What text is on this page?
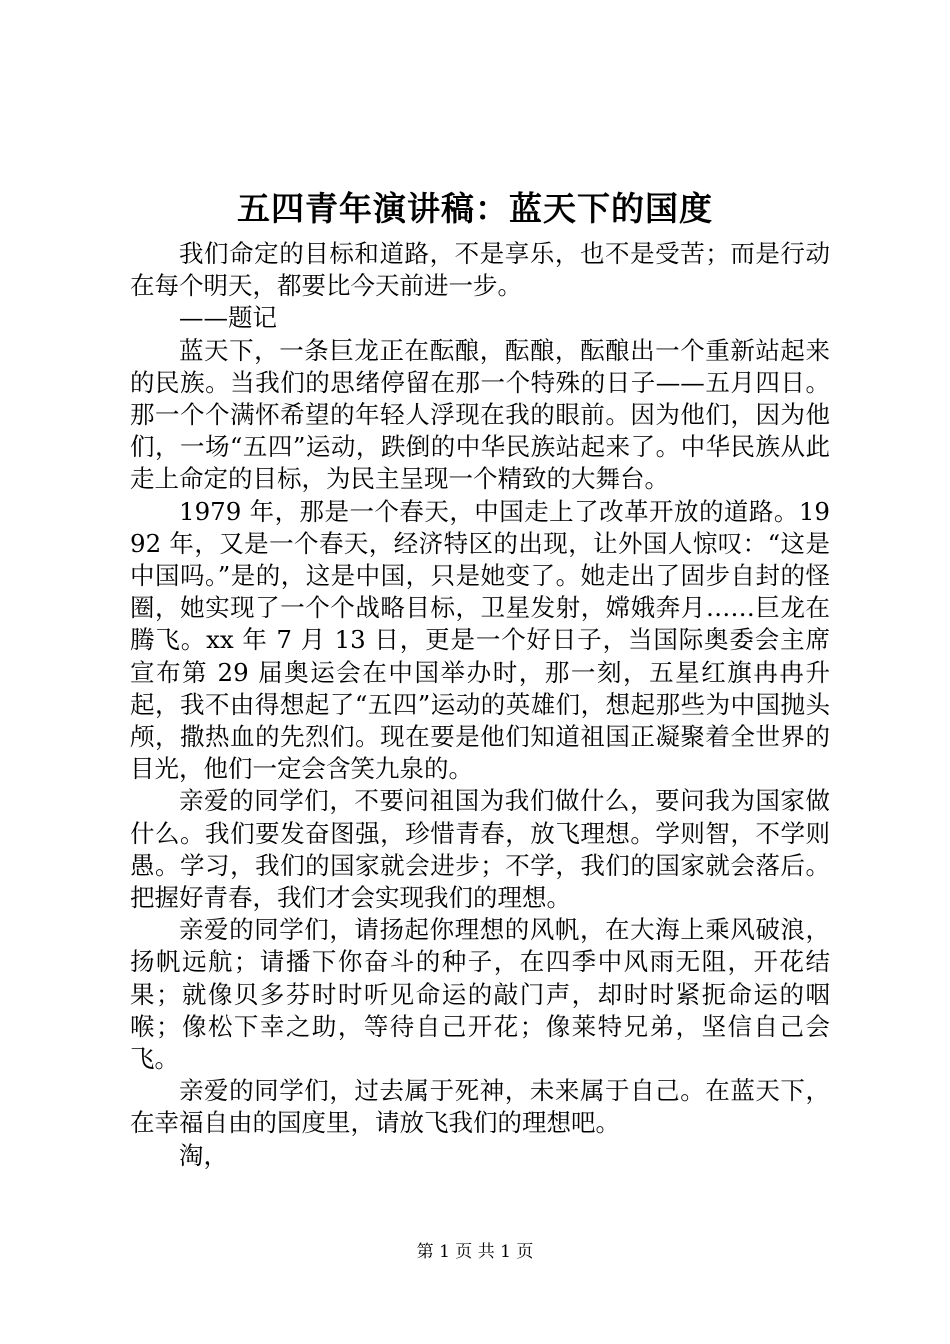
五四青年演讲稿：蓝天下的国度

我们命定的目标和道路，不是享乐，也不是受苦；而是行动在每个明天，都要比今天前进一步。

——题记

蓝天下，一条巨龙正在酝酿，酝酿，酝酿出一个重新站起来的民族。当我们的思绪停留在那一个特殊的日子——五月四日。那一个个满怀希望的年轻人浮现在我的眼前。因为他们，因为他们，一场“五四”运动，跌倒的中华民族站起来了。中华民族从此走上命定的目标，为民主呈现一个精致的大舞台。

1979 年，那是一个春天，中国走上了改革开放的道路。1992 年，又是一个春天，经济特区的出现，让外国人惊叹：“这是中国吗。”是的，这是中国，只是她变了。她走出了固步自封的怪圈，她实现了一个个战略目标，卫星发射，嫦娥奔月……巨龙在腾飞。xx 年 7 月 13 日，更是一个好日子，当国际奥委会主席宣布第 29 届奥运会在中国举办时，那一刻，五星红旗冉冉升起，我不由得想起了“五四”运动的英雄们，想起那些为中国抛头颅，撒热血的先烈们。现在要是他们知道祖国正凝聚着全世界的目光，他们一定会含笑九泉的。

亲爱的同学们，不要问祖国为我们做什么，要问我为国家做什么。我们要发奋图强，珍惜青春，放飞理想。学则智，不学则愚。学习，我们的国家就会进步；不学，我们的国家就会落后。把握好青春，我们才会实现我们的理想。

亲爱的同学们，请扬起你理想的风帆，在大海上乘风破浪，扬帆远航；请播下你奋斗的种子，在四季中风雨无阻，开花结果；就像贝多芬时时听见命运的敲门声，却时时紧扼命运的咽喉；像松下幸之助，等待自己开花；像莱特兄弟，坚信自己会飞。

亲爱的同学们，过去属于死神，未来属于自己。在蓝天下，在幸福自由的国度里，请放飞我们的理想吧。

淘，

第 1 页 共 1 页
